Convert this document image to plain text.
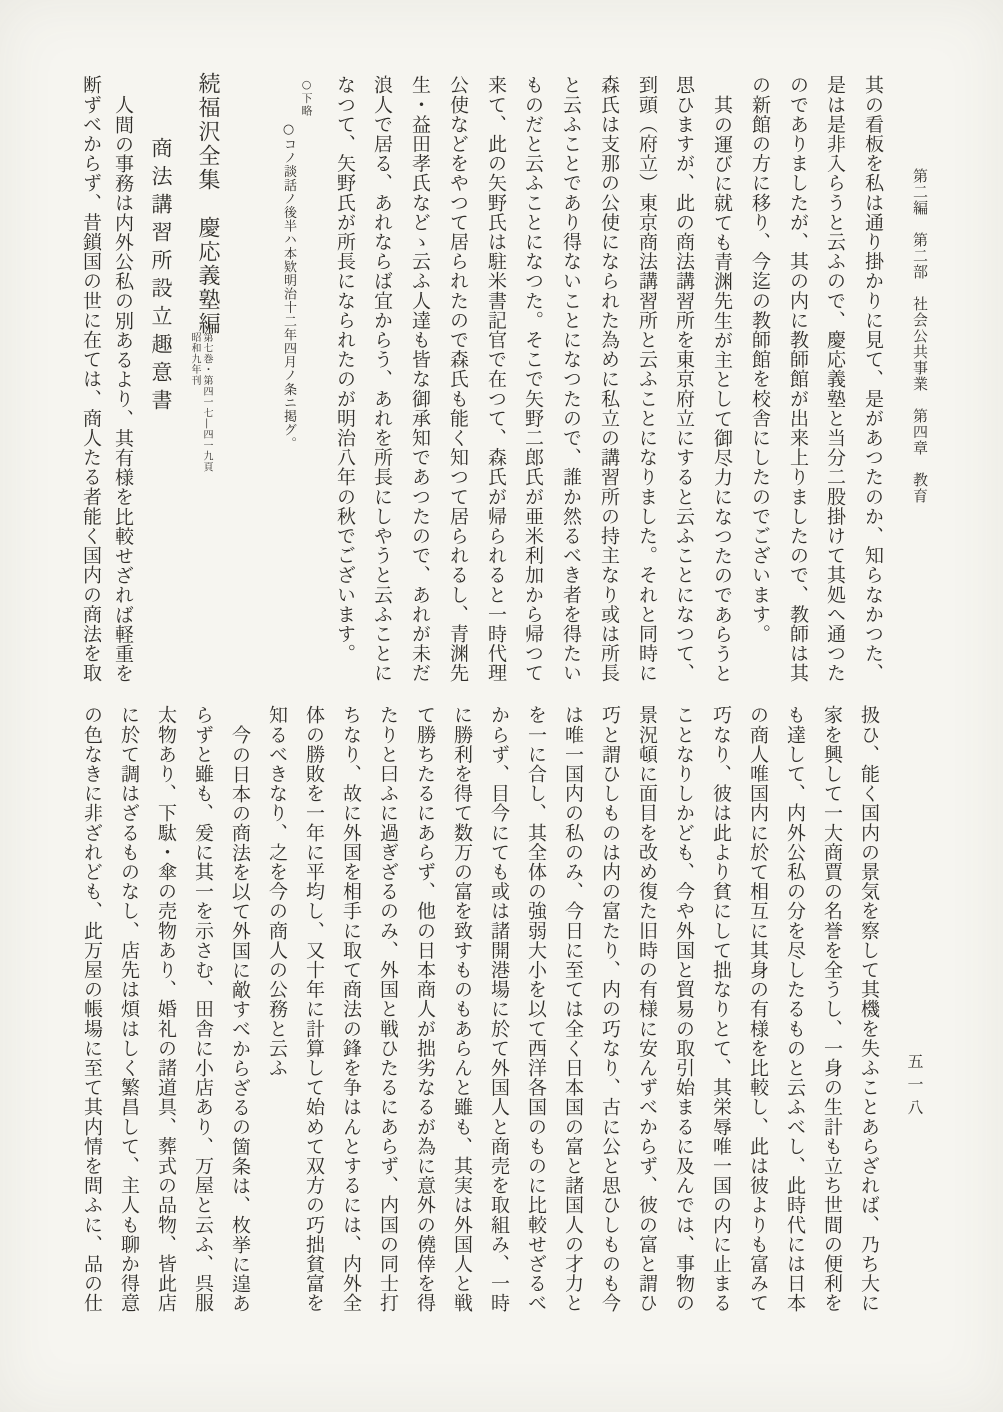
第二編　第二部　社会公共事業　第四章　教育
其の看板を私は通り掛かりに見て、是があつたのか、知らなかつた、
是は是非入らうと云ふので、慶応義塾と当分二股掛けて其処へ通つた
のでありましたが、其の内に教師館が出来上りましたので、教師は其
の新館の方に移り、今迄の教師館を校舎にしたのでございます。
其の運びに就ても青渊先生が主として御尽力になつたのであらうと
思ひますが、此の商法講習所を東京府立にすると云ふことになつて、
到頭（府立）東京商法講習所と云ふことになりました。それと同時に
森氏は支那の公使になられた為めに私立の講習所の持主なり或は所長
と云ふことであり得ないことになつたので、誰か然るべき者を得たい
ものだと云ふことになつた。そこで矢野二郎氏が亜米利加から帰つて
来て、此の矢野氏は駐米書記官で在つて、森氏が帰られると一時代理
公使などをやつて居られたので森氏も能く知つて居られるし、青渊先
生・益田孝氏などゝ云ふ人達も皆な御承知であつたので、あれが未だ
浪人で居る、あれならば宜からう、あれを所長にしやうと云ふことに
なつて、矢野氏が所長になられたのが明治八年の秋でございます。
○下略
○コノ談話ノ後半ハ本欵明治十二年四月ノ条ニ掲グ。
続福沢全集　慶応義塾編
第七巻・第四一七―四一九頁
昭和九年刊
商法講習所設立趣意書
人間の事務は内外公私の別あるより、其有様を比較せざれば軽重を
断ずべからず、昔鎖国の世に在ては、商人たる者能く国内の商法を取
扱ひ、能く国内の景気を察して其機を失ふことあらざれば、乃ち大に
家を興して一大商賈の名誉を全うし、一身の生計も立ち世間の便利を
も達して、内外公私の分を尽したるものと云ふべし、此時代には日本
の商人唯国内に於て相互に其身の有様を比較し、此は彼よりも富みて
巧なり、彼は此より貧にして拙なりとて、其栄辱唯一国の内に止まる
ことなりしかども、今や外国と貿易の取引始まるに及んでは、事物の
景況頓に面目を改め復た旧時の有様に安んずべからず、彼の富と謂ひ
巧と謂ひしものは内の富たり、内の巧なり、古に公と思ひしものも今
は唯一国内の私のみ、今日に至ては全く日本国の富と諸国人の才力と
を一に合し、其全体の強弱大小を以て西洋各国のものに比較せざるべ
からず、目今にても或は諸開港場に於て外国人と商売を取組み、一時
に勝利を得て数万の富を致すものもあらんと雖も、其実は外国人と戦
て勝ちたるにあらず、他の日本商人が拙劣なるが為に意外の僥倖を得
たりと曰ふに過ぎざるのみ、外国と戦ひたるにあらず、内国の同士打
ちなり、故に外国を相手に取て商法の鋒を争はんとするには、内外全
体の勝敗を一年に平均し、又十年に計算して始めて双方の巧拙貧富を
知るべきなり、之を今の商人の公務と云ふ
今の日本の商法を以て外国に敵すべからざるの箇条は、枚挙に遑あ
らずと雖も、爰に其一を示さむ、田舎に小店あり、万屋と云ふ、呉服
太物あり、下駄・傘の売物あり、婚礼の諸道具、葬式の品物、皆此店
に於て調はざるものなし、店先は煩はしく繁昌して、主人も聊か得意
の色なきに非ざれども、此万屋の帳場に至て其内情を問ふに、品の仕	五一八
